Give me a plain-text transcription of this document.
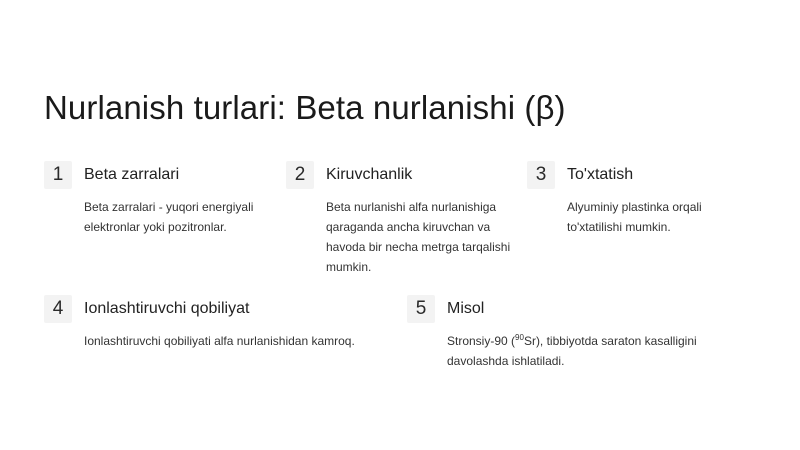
Nurlanish turlari: Beta nurlanishi (β)
1	Beta zarralari
Beta zarralari - yuqori energiyali elektronlar yoki pozitronlar.
2	Kiruvchanlik
Beta nurlanishi alfa nurlanishiga qaraganda ancha kiruvchan va havoda bir necha metrga tarqalishi mumkin.
3	To'xtatish
Alyuminiy plastinka orqali to'xtatilishi mumkin.
4	Ionlashtiruvchi qobiliyat
Ionlashtiruvchi qobiliyati alfa nurlanishidan kamroq.
5	Misol
Stronsiy-90 ($^{90}$Sr), tibbiyotda saraton kasalligini davolashda ishlatiladi.
